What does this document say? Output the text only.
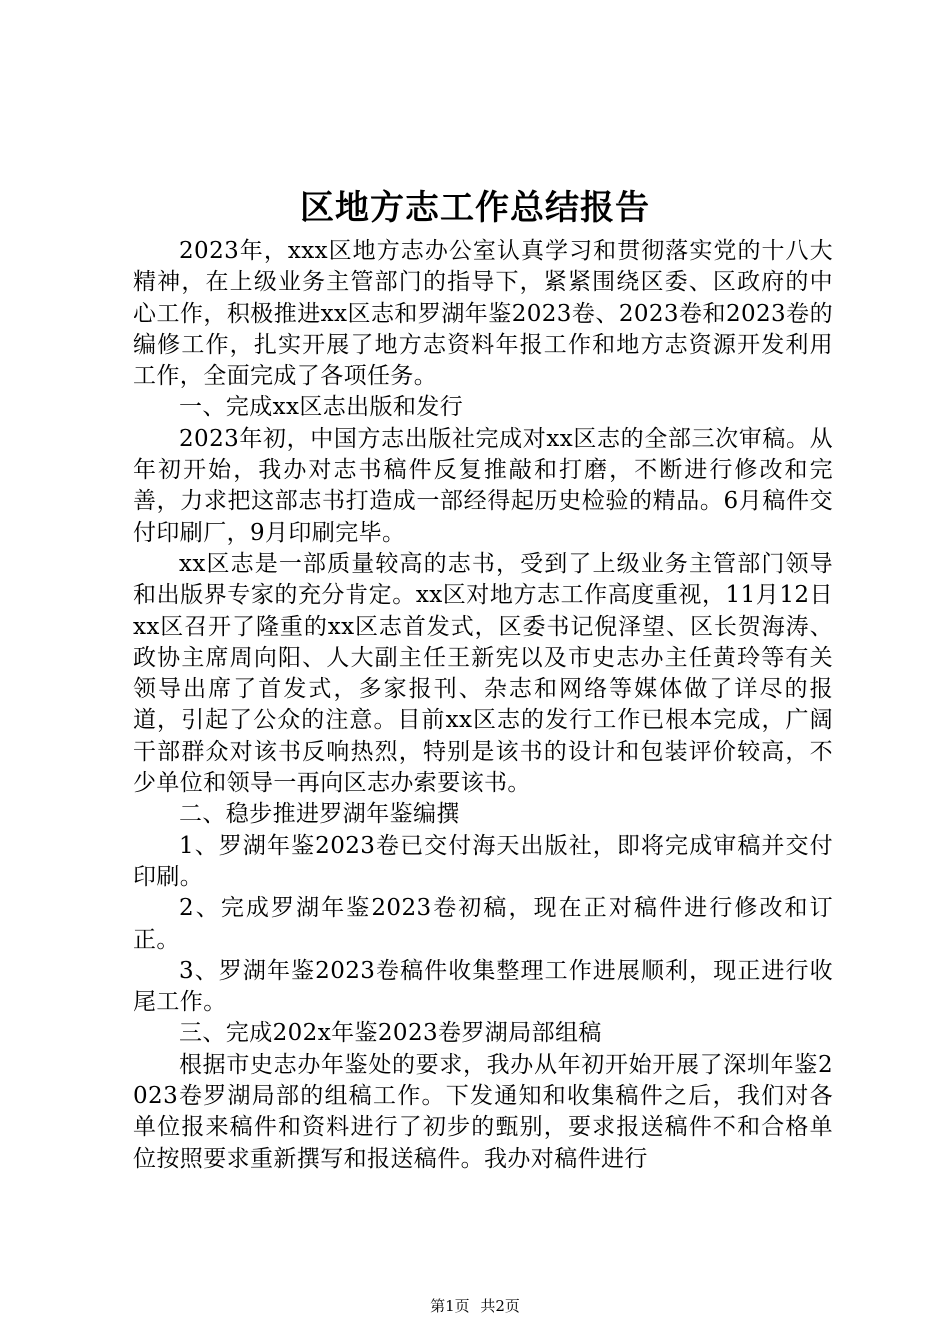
区地方志工作总结报告

2023年，xxx区地方志办公室认真学习和贯彻落实党的十八大精神，在上级业务主管部门的指导下，紧紧围绕区委、区政府的中心工作，积极推进xx区志和罗湖年鉴2023卷、2023卷和2023卷的编修工作，扎实开展了地方志资料年报工作和地方志资源开发利用工作，全面完成了各项任务。

一、完成xx区志出版和发行

2023年初，中国方志出版社完成对xx区志的全部三次审稿。从年初开始，我办对志书稿件反复推敲和打磨，不断进行修改和完善，力求把这部志书打造成一部经得起历史检验的精品。6月稿件交付印刷厂，9月印刷完毕。

xx区志是一部质量较高的志书，受到了上级业务主管部门领导和出版界专家的充分肯定。xx区对地方志工作高度重视，11月12日xx区召开了隆重的xx区志首发式，区委书记倪泽望、区长贺海涛、政协主席周向阳、人大副主任王新宪以及市史志办主任黄玲等有关领导出席了首发式，多家报刊、杂志和网络等媒体做了详尽的报道，引起了公众的注意。目前xx区志的发行工作已根本完成，广阔干部群众对该书反响热烈，特别是该书的设计和包装评价较高，不少单位和领导一再向区志办索要该书。

二、稳步推进罗湖年鉴编撰

1、罗湖年鉴2023卷已交付海天出版社，即将完成审稿并交付印刷。

2、完成罗湖年鉴2023卷初稿，现在正对稿件进行修改和订正。

3、罗湖年鉴2023卷稿件收集整理工作进展顺利，现正进行收尾工作。

三、完成202x年鉴2023卷罗湖局部组稿

根据市史志办年鉴处的要求，我办从年初开始开展了深圳年鉴2023卷罗湖局部的组稿工作。下发通知和收集稿件之后，我们对各单位报来稿件和资料进行了初步的甄别，要求报送稿件不和合格单位按照要求重新撰写和报送稿件。我办对稿件进行

第1页 共2页
